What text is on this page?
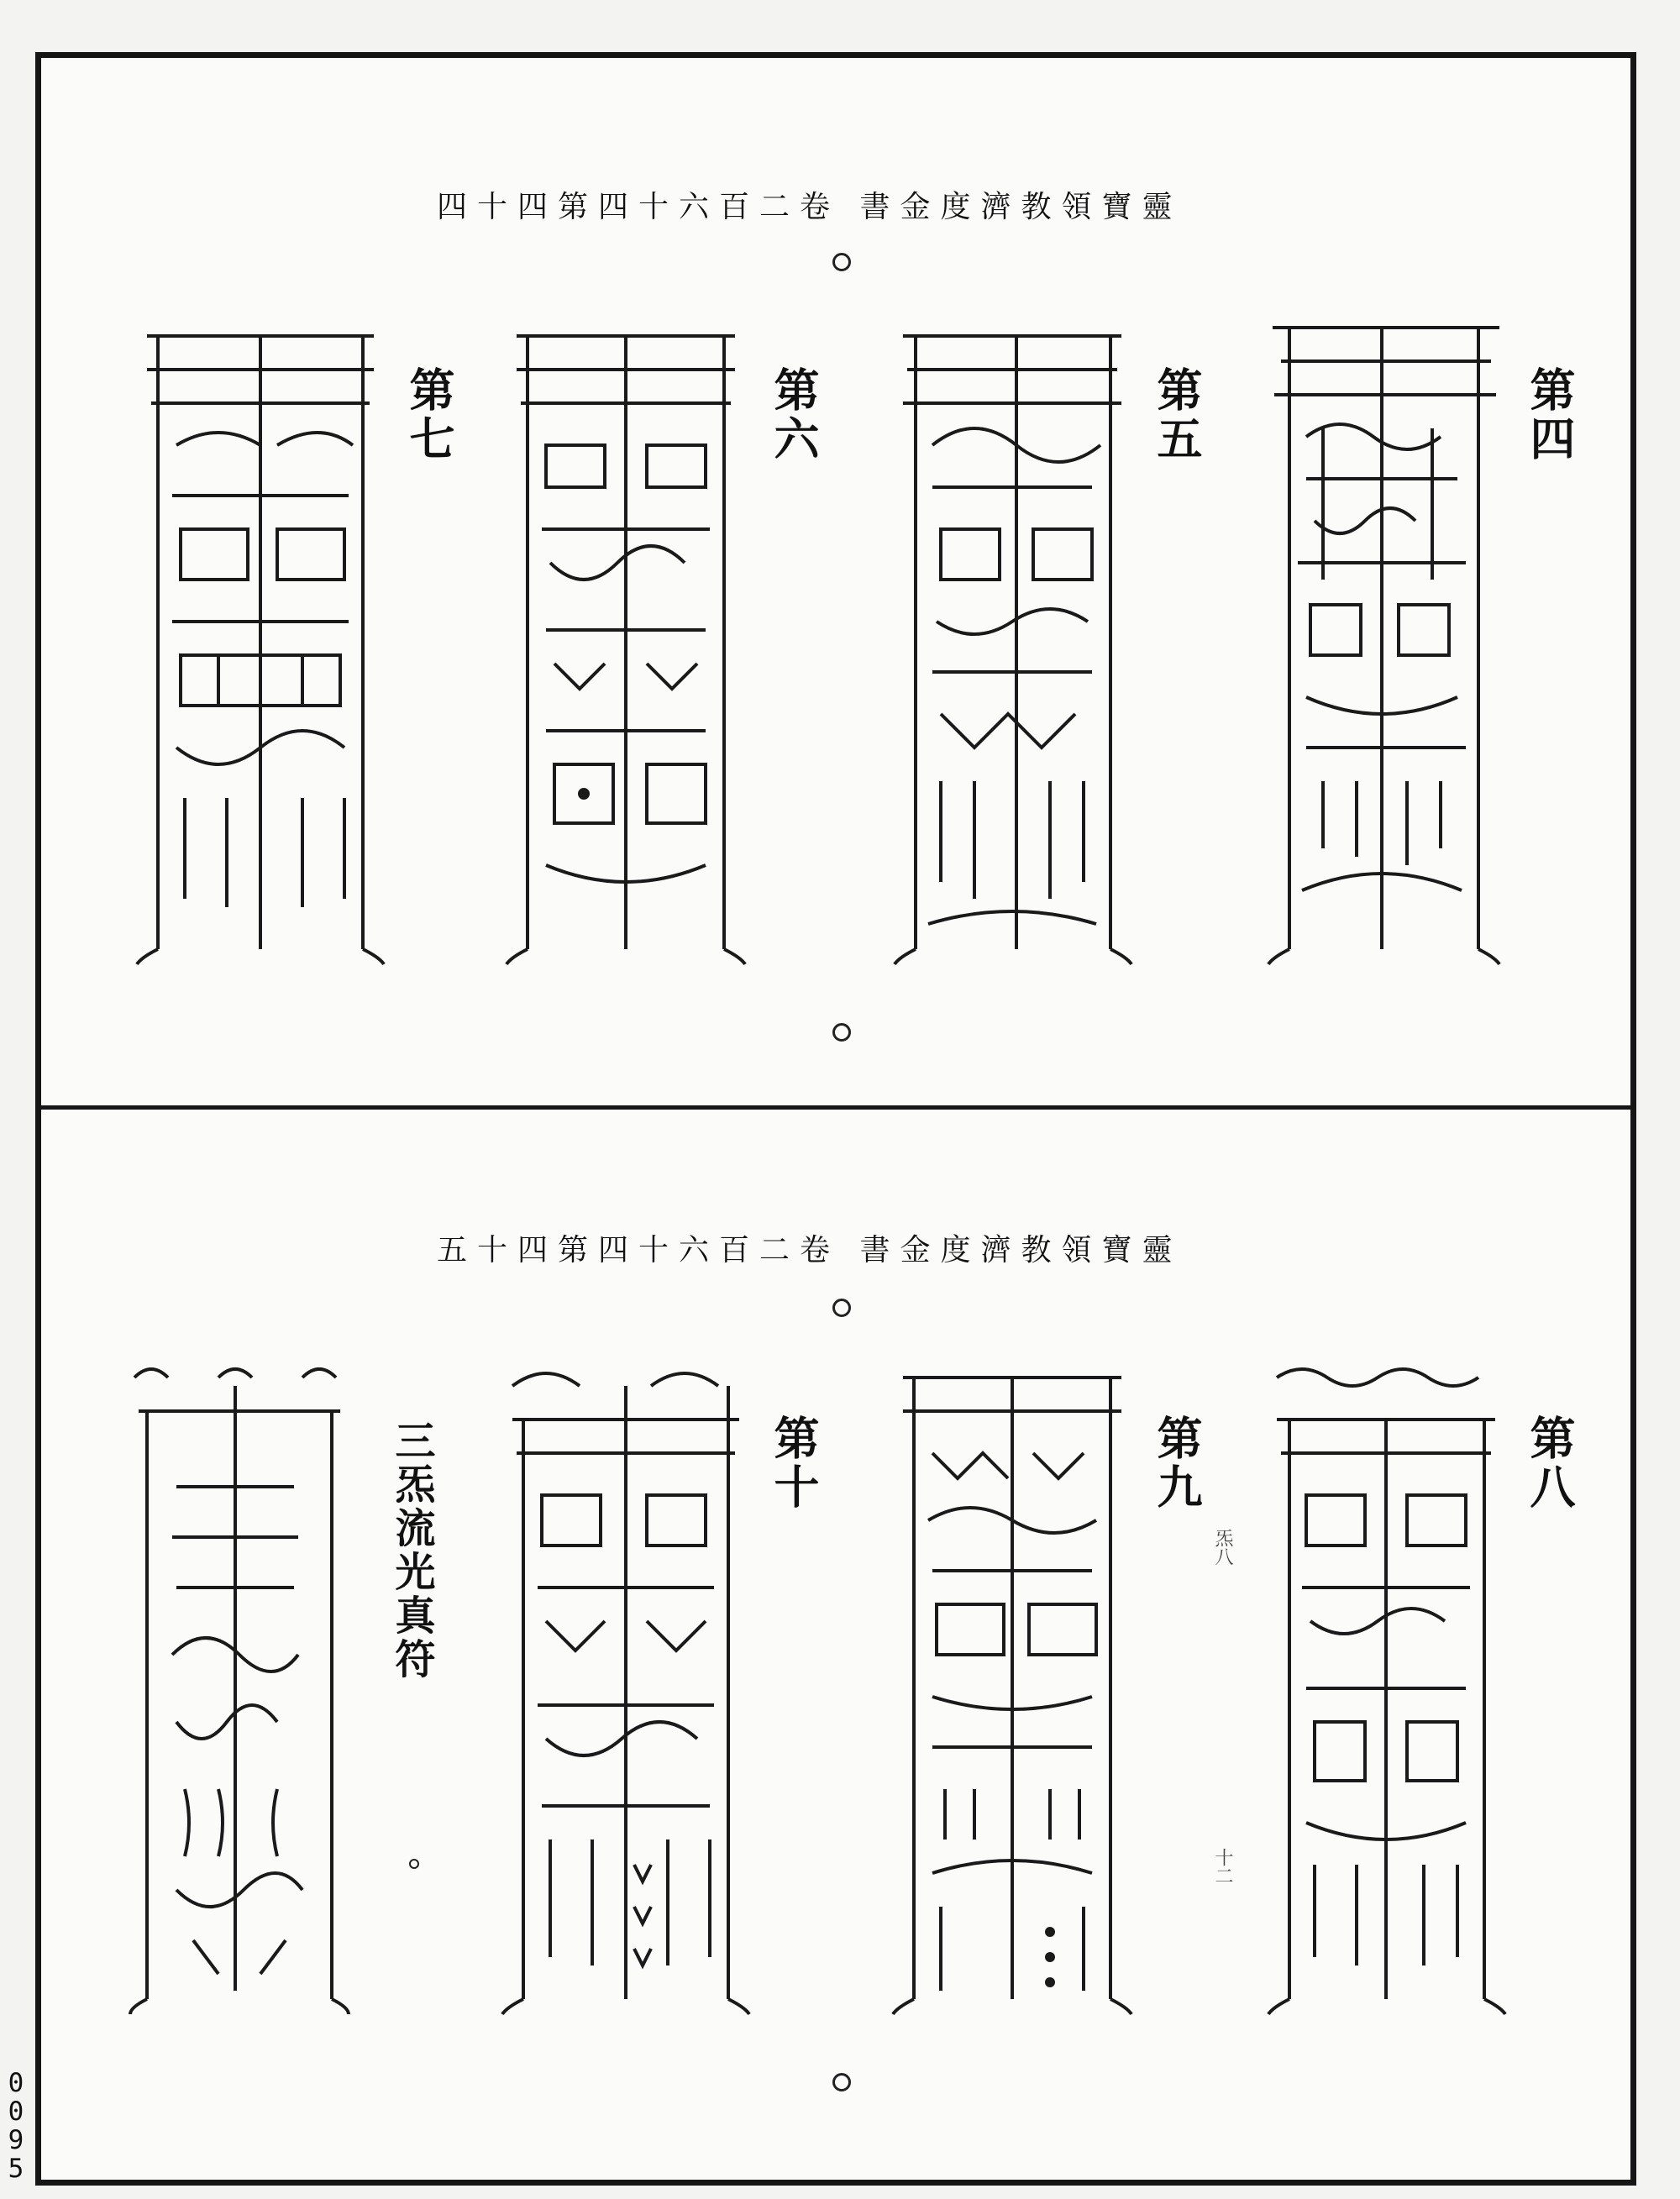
靈寶領教濟度金書 卷二百六十四第四十四
第四
第五
第六
第七
靈寶領教濟度金書 卷二百六十四第四十五
第八
第九
第十
三炁流光真符	炁八
十二
0
0
9
5
